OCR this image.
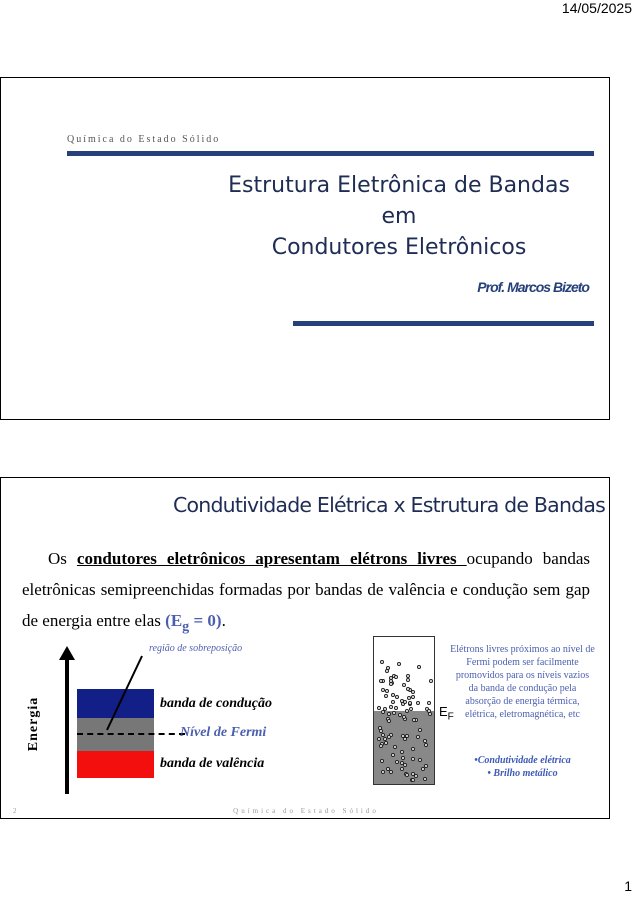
14/05/2025
Química do Estado Sólido
Estrutura Eletrônica de Bandas
em
Condutores Eletrônicos
Prof. Marcos Bizeto
Condutividade Elétrica x Estrutura de Bandas
Os condutores eletrônicos apresentam elétrons livres ocupando bandas eletrônicas semipreenchidas formadas por bandas de valência e condução sem gap de energia entre elas $(E_g = 0)$.
Energia
região de sobreposição
banda de condução
Nível de Fermi
banda de valência
$E_F$
Elétrons livres próximos ao nível de Fermi podem ser facilmente promovidos para os níveis vazios da banda de condução pela absorção de energia térmica, elétrica, eletromagnética, etc
•Condutividade elétrica
• Brilho metálico
2	Química do Estado Sólido
1
